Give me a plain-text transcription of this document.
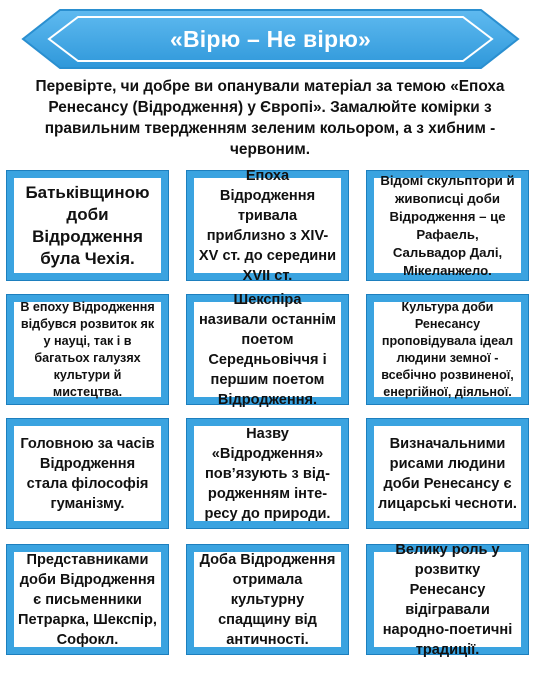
«Вірю – Не вірю»
Перевірте, чи добре ви опанували матеріал за темою «Епоха Ренесансу (Відродження) у Європі». Замалюйте комірки з правильним твердженням зеленим кольором, а з хибним - червоним.
Батьківщиною доби Відродження була Чехія.
Епоха Відродження тривала приблизно з XIV-XV ст. до середини XVII ст.
Відомі скульптори й живописці доби Відродження – це Рафаель, Сальвадор Далі, Мікеланжело.
В епоху Відродження відбувся розвиток як у науці, так і в багатьох галузях культури й мистецтва.
Шекспіра називали останнім поетом Середньовіччя і першим поетом Відродження.
Культура доби Ренесансу проповідувала ідеал людини земної - всебічно розвиненої, енергійної, діяльної.
Головною за часів Відродження стала філософія гуманізму.
Назву «Відродження» пов’язують з від-родженням інте-ресу до природи.
Визначальними рисами людини доби Ренесансу є лицарські чесноти.
Представниками доби Відродження є письменники Петрарка, Шекспір, Софокл.
Доба Відродження отримала культурну спадщину від античності.
Велику роль у розвитку Ренесансу відігравали народно-поетичні традиції.
